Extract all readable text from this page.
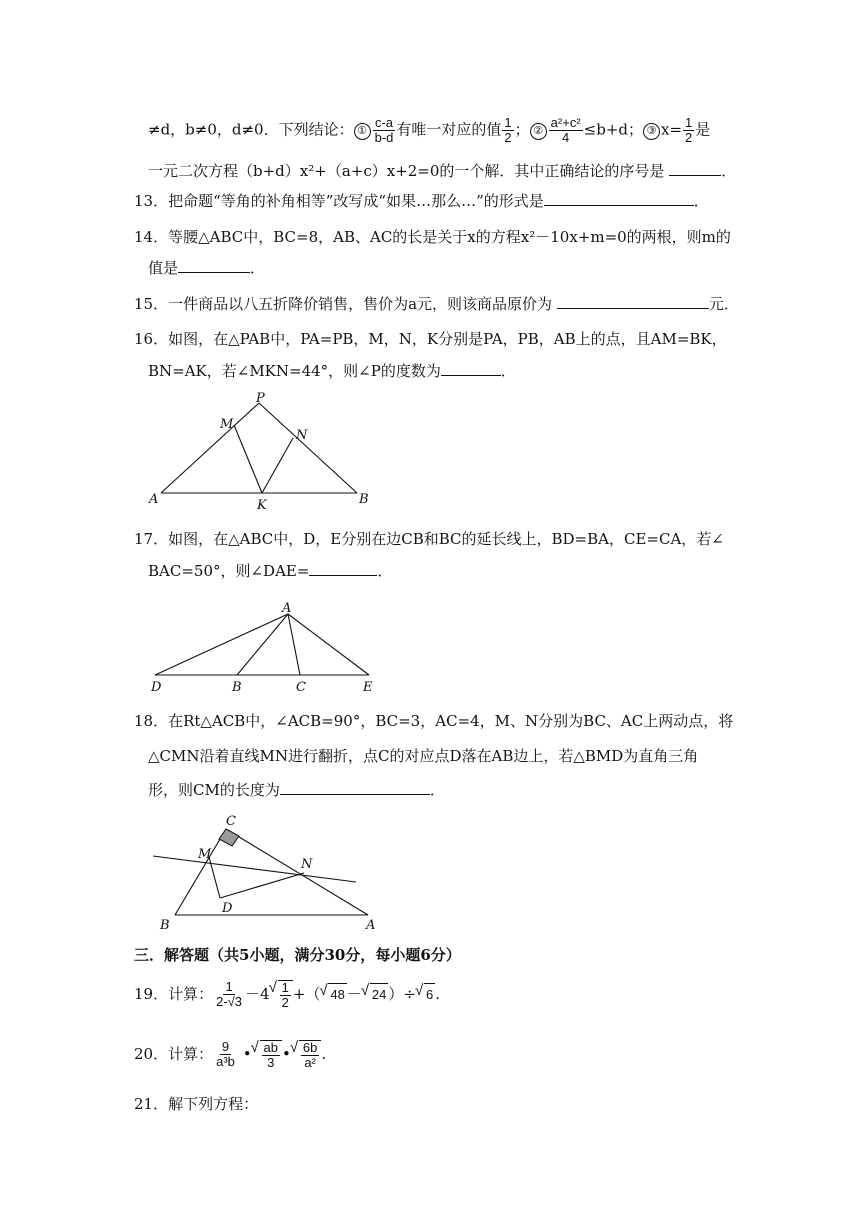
≠d，b≠0，d≠0．下列结论： ① $\frac{c-a}{b-d}$ 有唯一对应的值 $\frac{1}{2}$ ； ② $\frac{\text{a²+c²}}{4} \le b+d$； ③ $x= \frac{1}{2}$ 是
一元二次方程（b+d）x²+（a+c）x+2=0的一个解．其中正确结论的序号是	．
13．把命题“等角的补角相等”改写成“如果…那么…”的形式是	．
14．等腰△ABC中，BC=8，AB、AC的长是关于x的方程x²－10x+m=0的两根，则m的
值是	．
15．一件商品以八五折降价销售，售价为a元，则该商品原价为	元．
16．如图，在△PAB中，PA=PB，M，N，K分别是PA，PB，AB上的点，且AM=BK，
BN=AK，若∠MKN=44°，则∠P的度数为	．
P
M
N
A	K	B
17．如图，在△ABC中，D，E分别在边CB和BC的延长线上，BD=BA，CE=CA，若∠
BAC=50°，则∠DAE=	．
A
D	B	C	E
18．在Rt△ACB中，∠ACB=90°，BC=3，AC=4，M、N分别为BC、AC上两动点，将
△CMN沿着直线MN进行翻折，点C的对应点D落在AB边上，若△BMD为直角三角
形，则CM的长度为	．
C
M
N
D
B	A
三．解答题（共5小题，满分30分，每小题6分）
19．计算： $\frac{1}{2-√3} -4$ √ $\frac{1}{2}$ +（ √ 48 － √ 24 ）÷ √ 6 .
20．计算： $\frac{9}{\text{a³b}}$ • √ $\frac{ab}{3}$ • √ $\frac{6b}{\text{a²}}$ .
21．解下列方程：
